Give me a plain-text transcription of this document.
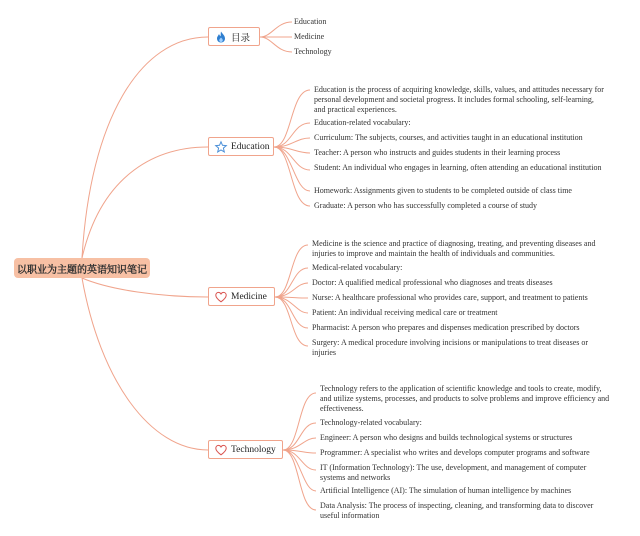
以职业为主题的英语知识笔记
目录
Education
Medicine
Technology
Education
Education is the process of acquiring knowledge, skills, values, and attitudes necessary for personal development and societal progress. It includes formal schooling, self-learning, and practical experiences.
Education-related vocabulary:
Curriculum: The subjects, courses, and activities taught in an educational institution
Teacher: A person who instructs and guides students in their learning process
Student: An individual who engages in learning, often attending an educational institution
Homework: Assignments given to students to be completed outside of class time
Graduate: A person who has successfully completed a course of study
Medicine
Medicine is the science and practice of diagnosing, treating, and preventing diseases and injuries to improve and maintain the health of individuals and communities.
Medical-related vocabulary:
Doctor: A qualified medical professional who diagnoses and treats diseases
Nurse: A healthcare professional who provides care, support, and treatment to patients
Patient: An individual receiving medical care or treatment
Pharmacist: A person who prepares and dispenses medication prescribed by doctors
Surgery: A medical procedure involving incisions or manipulations to treat diseases or injuries
Technology
Technology refers to the application of scientific knowledge and tools to create, modify, and utilize systems, processes, and products to solve problems and improve efficiency and effectiveness.
Technology-related vocabulary:
Engineer: A person who designs and builds technological systems or structures
Programmer: A specialist who writes and develops computer programs and software
IT (Information Technology): The use, development, and management of computer systems and networks
Artificial Intelligence (AI): The simulation of human intelligence by machines
Data Analysis: The process of inspecting, cleaning, and transforming data to discover useful information
